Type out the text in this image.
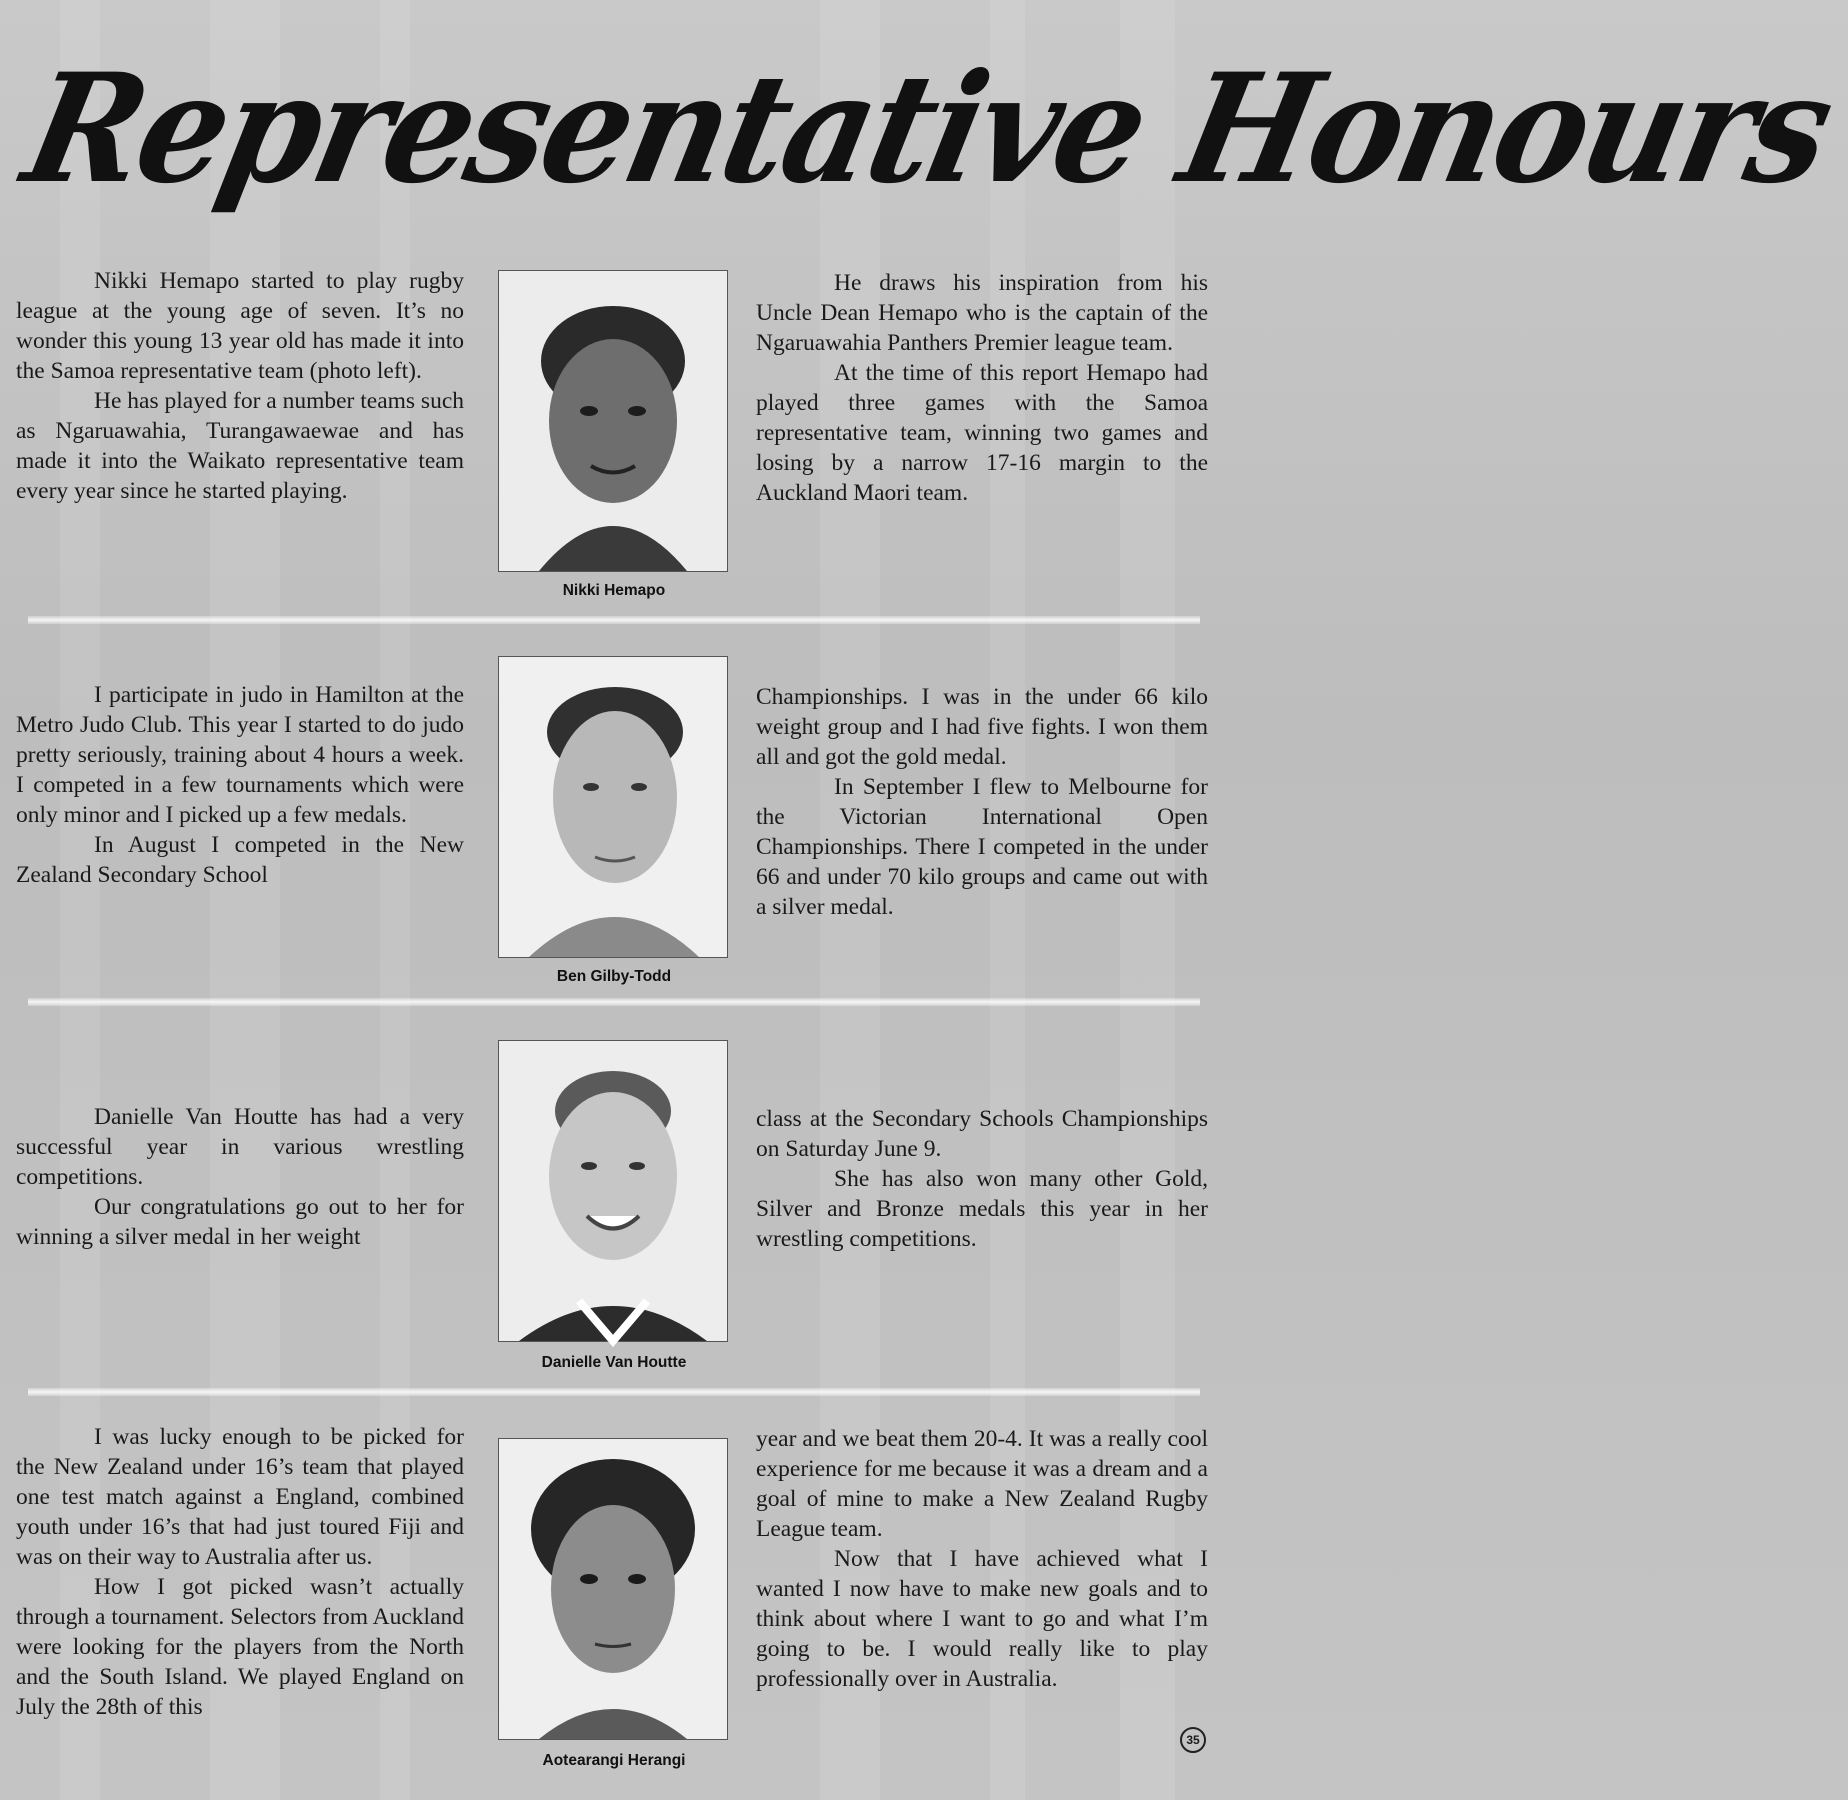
Representative Honours

Nikki Hemapo started to play rugby league at the young age of seven. It’s no wonder this young 13 year old has made it into the Samoa representative team (photo left).

He has played for a number teams such as Ngaruawahia, Turangawaewae and has made it into the Waikato representative team every year since he started playing.

Nikki Hemapo

He draws his inspiration from his Uncle Dean Hemapo who is the captain of the Ngaruawahia Panthers Premier league team.

At the time of this report Hemapo had played three games with the Samoa representative team, winning two games and losing by a narrow 17-16 margin to the Auckland Maori team.

I participate in judo in Hamilton at the Metro Judo Club. This year I started to do judo pretty seriously, training about 4 hours a week. I competed in a few tournaments which were only minor and I picked up a few medals.

In August I competed in the New Zealand Secondary School

Ben Gilby-Todd

Championships. I was in the under 66 kilo weight group and I had five fights. I won them all and got the gold medal.

In September I flew to Melbourne for the Victorian International Open Championships. There I competed in the under 66 and under 70 kilo groups and came out with a silver medal.

Danielle Van Houtte has had a very successful year in various wrestling competitions.

Our congratulations go out to her for winning a silver medal in her weight

Danielle Van Houtte

class at the Secondary Schools Championships on Saturday June 9.

She has also won many other Gold, Silver and Bronze medals this year in her wrestling competitions.

I was lucky enough to be picked for the New Zealand under 16’s team that played one test match against a England, combined youth under 16’s that had just toured Fiji and was on their way to Australia after us.

How I got picked wasn’t actually through a tournament. Selectors from Auckland were looking for the players from the North and the South Island. We played England on July the 28th of this

Aotearangi Herangi

year and we beat them 20-4. It was a really cool experience for me because it was a dream and a goal of mine to make a New Zealand Rugby League team.

Now that I have achieved what I wanted I now have to make new goals and to think about where I want to go and what I’m going to be. I would really like to play professionally over in Australia.

35
